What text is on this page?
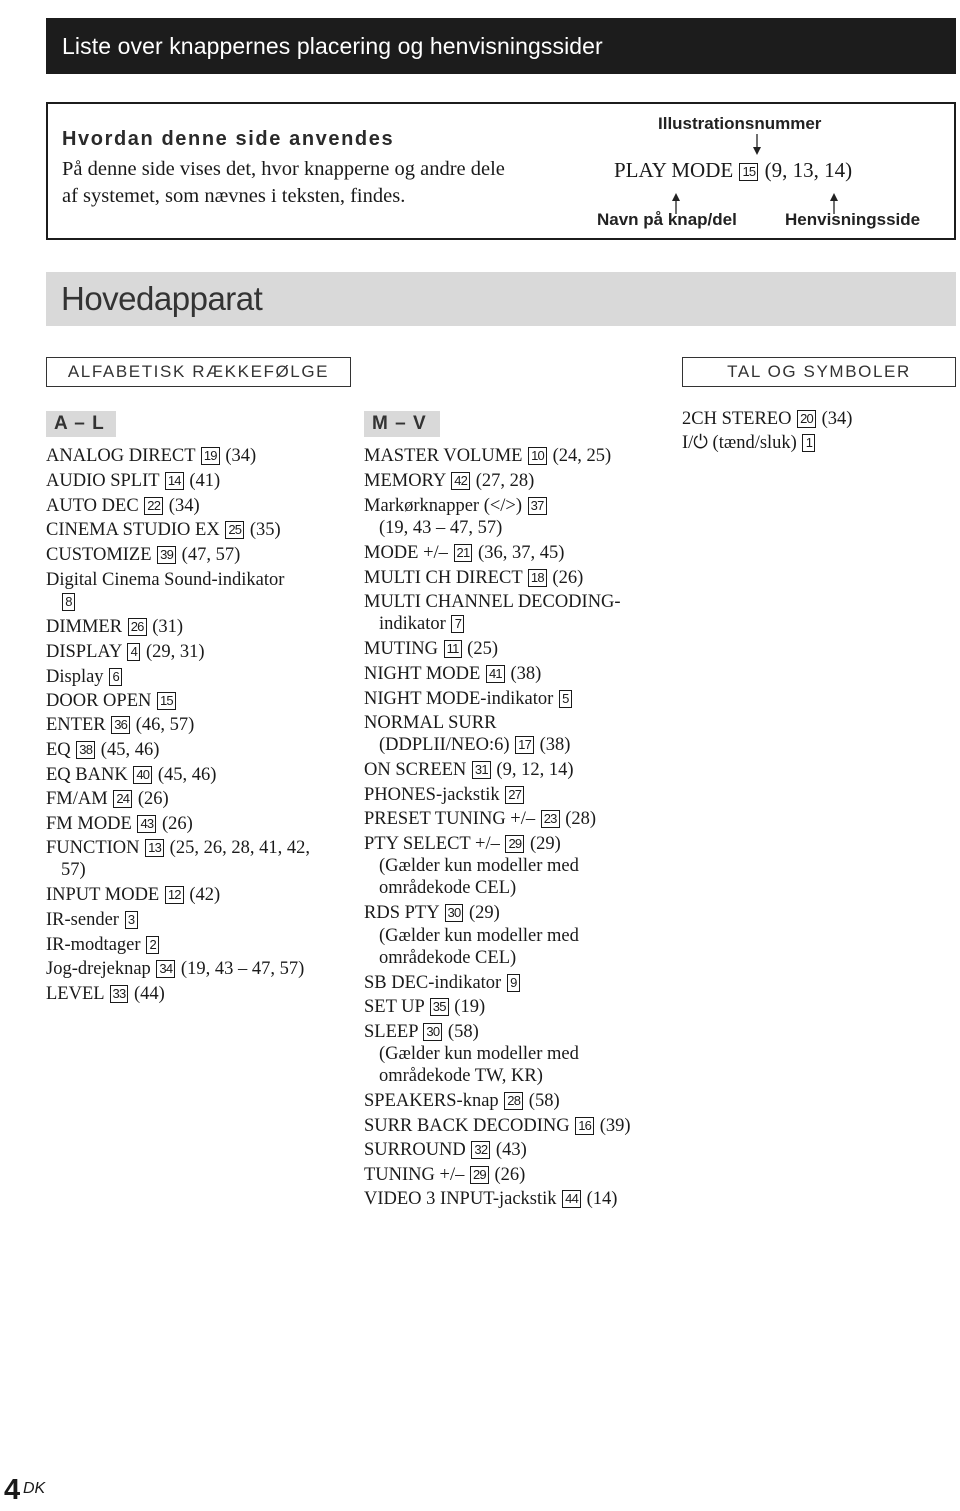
Liste over knappernes placering og henvisningssider
Hvordan denne side anvendes
På denne side vises det, hvor knapperne og andre dele
af systemet, som nævnes i teksten, findes.
Illustrationsnummer
PLAY MODE 15 (9, 13, 14)
Navn på knap/del	Henvisningsside
Hovedapparat
ALFABETISK RÆKKEFØLGE	TAL OG SYMBOLER
A – L	M – V
ANALOG DIRECT 19 (34)
AUDIO SPLIT 14 (41)
AUTO DEC 22 (34)
CINEMA STUDIO EX 25 (35)
CUSTOMIZE 39 (47, 57)
Digital Cinema Sound-indikator
8
DIMMER 26 (31)
DISPLAY 4 (29, 31)
Display 6
DOOR OPEN 15
ENTER 36 (46, 57)
EQ 38 (45, 46)
EQ BANK 40 (45, 46)
FM/AM 24 (26)
FM MODE 43 (26)
FUNCTION 13 (25, 26, 28, 41, 42,
57)
INPUT MODE 12 (42)
IR-sender 3
IR-modtager 2
Jog-drejeknap 34 (19, 43 – 47, 57)
LEVEL 33 (44)
MASTER VOLUME 10 (24, 25)
MEMORY 42 (27, 28)
Markørknapper (</>) 37
(19, 43 – 47, 57)
MODE +/– 21 (36, 37, 45)
MULTI CH DIRECT 18 (26)
MULTI CHANNEL DECODING-
indikator 7
MUTING 11 (25)
NIGHT MODE 41 (38)
NIGHT MODE-indikator 5
NORMAL SURR
(DDPLII/NEO:6) 17 (38)
ON SCREEN 31 (9, 12, 14)
PHONES-jackstik 27
PRESET TUNING +/– 23 (28)
PTY SELECT +/– 29 (29)
(Gælder kun modeller med
områdekode CEL)
RDS PTY 30 (29)
(Gælder kun modeller med
områdekode CEL)
SB DEC-indikator 9
SET UP 35 (19)
SLEEP 30 (58)
(Gælder kun modeller med
områdekode TW, KR)
SPEAKERS-knap 28 (58)
SURR BACK DECODING 16 (39)
SURROUND 32 (43)
TUNING +/– 29 (26)
VIDEO 3 INPUT-jackstik 44 (14)
2CH STEREO 20 (34)
I/⏻ (tænd/sluk) 1
4 DK
